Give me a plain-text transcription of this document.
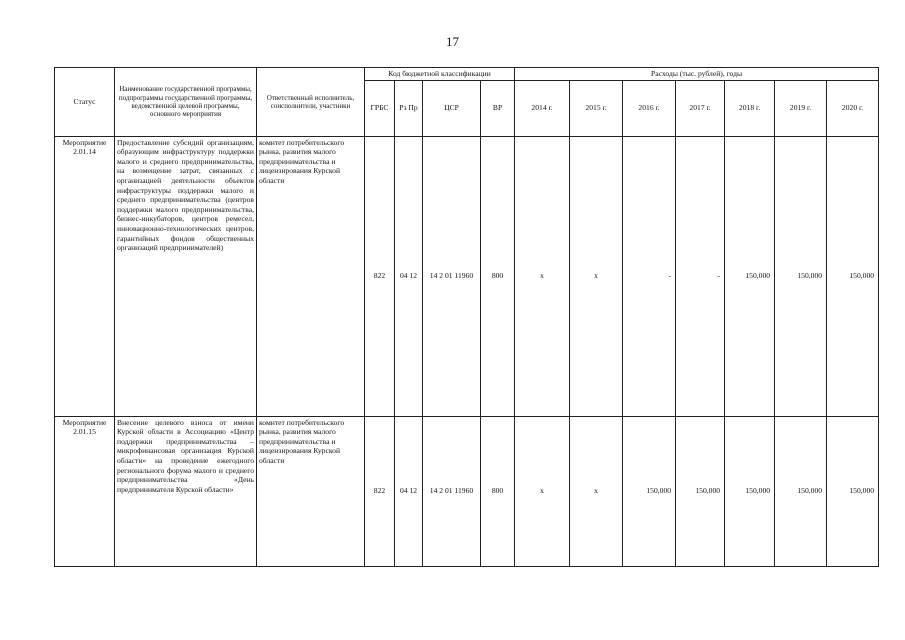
17
Статус	Наименование государственной программы, подпрограммы государственной программы, ведомственной целевой программы, основного мероприятия	Ответственный исполнитель, соисполнители, участники	Код бюджетной классификации				Расходы (тыс. рублей), годы						
			ГРБС	Рз Пр	ЦСР	ВР	2014 г.	2015 г.	2016 г.	2017 г.	2018 г.	2019 г.	2020 г.
Мероприятие 2.01.14	Предоставление субсидий организациям, образующим инфраструктуру поддержки малого и среднего предпринимательства, на возмещение затрат, связанных с организацией деятельности объектов инфраструктуры поддержки малого и среднего предпринимательства (центров поддержки малого предпринимательства, бизнес-инкубаторов, центров ремесел, инновационно-технологических центров, гарантийных фондов общественных организаций предпринимателей)	комитет потребительского рынка, развития малого предпринимательства и лицензирования Курской области	822	04 12	14 2 01 11960	800	x	x	-	-	150,000	150,000	150,000
Мероприятие 2.01.15	Внесение целевого взноса от имени Курской области в Ассоциацию «Центр поддержки предпринимательства – микрофинансовая организация Курской области» на проведение ежегодного регионального форума малого и среднего предпринимательства «День предпринимателя Курской области»	комитет потребительского рынка, развития малого предпринимательства и лицензирования Курской области	822	04 12	14 2 01 11960	800	x	x	150,000	150,000	150,000	150,000	150,000
